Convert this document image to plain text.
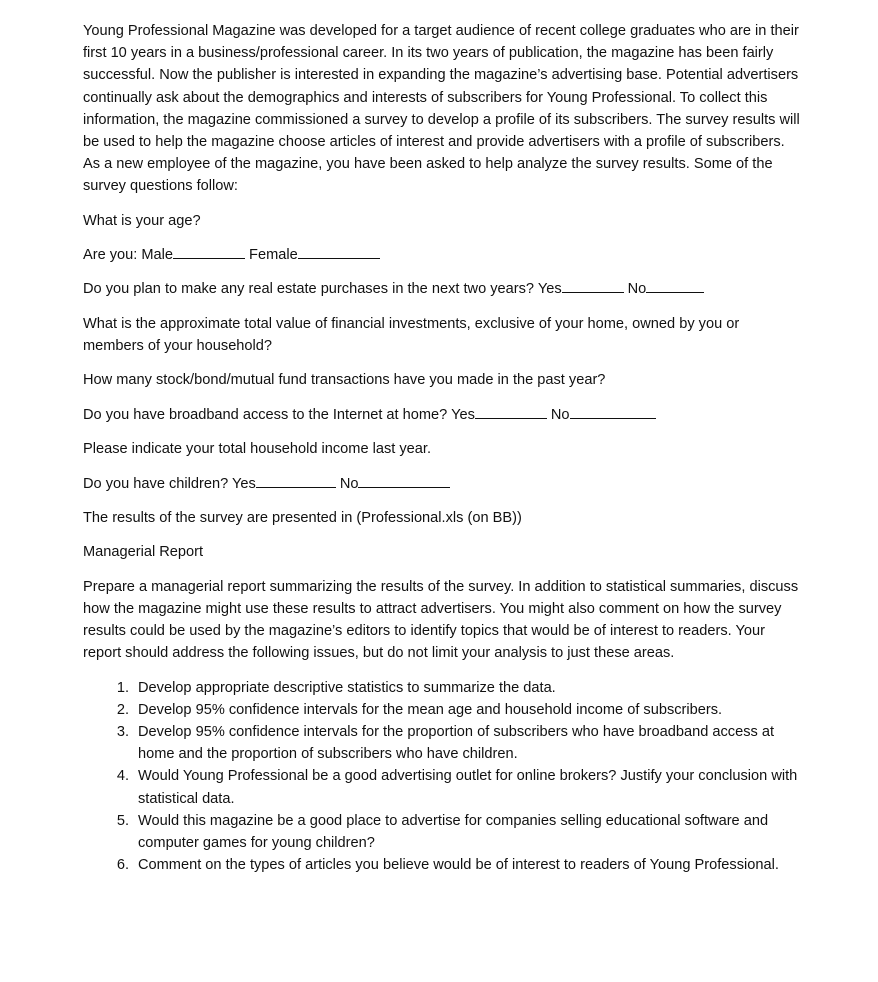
Young Professional Magazine was developed for a target audience of recent college graduates who are in their first 10 years in a business/professional career. In its two years of publication, the magazine has been fairly successful. Now the publisher is interested in expanding the magazine’s advertising base. Potential advertisers continually ask about the demographics and interests of subscribers for Young Professional. To collect this information, the magazine commissioned a survey to develop a profile of its subscribers. The survey results will be used to help the magazine choose articles of interest and provide advertisers with a profile of subscribers. As a new employee of the magazine, you have been asked to help analyze the survey results. Some of the survey questions follow:

What is your age?

Are you: Male	Female

Do you plan to make any real estate purchases in the next two years? Yes	No

What is the approximate total value of financial investments, exclusive of your home, owned by you or members of your household?

How many stock/bond/mutual fund transactions have you made in the past year?

Do you have broadband access to the Internet at home? Yes	No

Please indicate your total household income last year.

Do you have children? Yes	No

The results of the survey are presented in (Professional.xls (on BB))

Managerial Report

Prepare a managerial report summarizing the results of the survey. In addition to statistical summaries, discuss how the magazine might use these results to attract advertisers. You might also comment on how the survey results could be used by the magazine’s editors to identify topics that would be of interest to readers. Your report should address the following issues, but do not limit your analysis to just these areas.

1. Develop appropriate descriptive statistics to summarize the data.
2. Develop 95% confidence intervals for the mean age and household income of subscribers.
3. Develop 95% confidence intervals for the proportion of subscribers who have broadband access at home and the proportion of subscribers who have children.
4. Would Young Professional be a good advertising outlet for online brokers? Justify your conclusion with statistical data.
5. Would this magazine be a good place to advertise for companies selling educational software and computer games for young children?
6. Comment on the types of articles you believe would be of interest to readers of Young Professional.
